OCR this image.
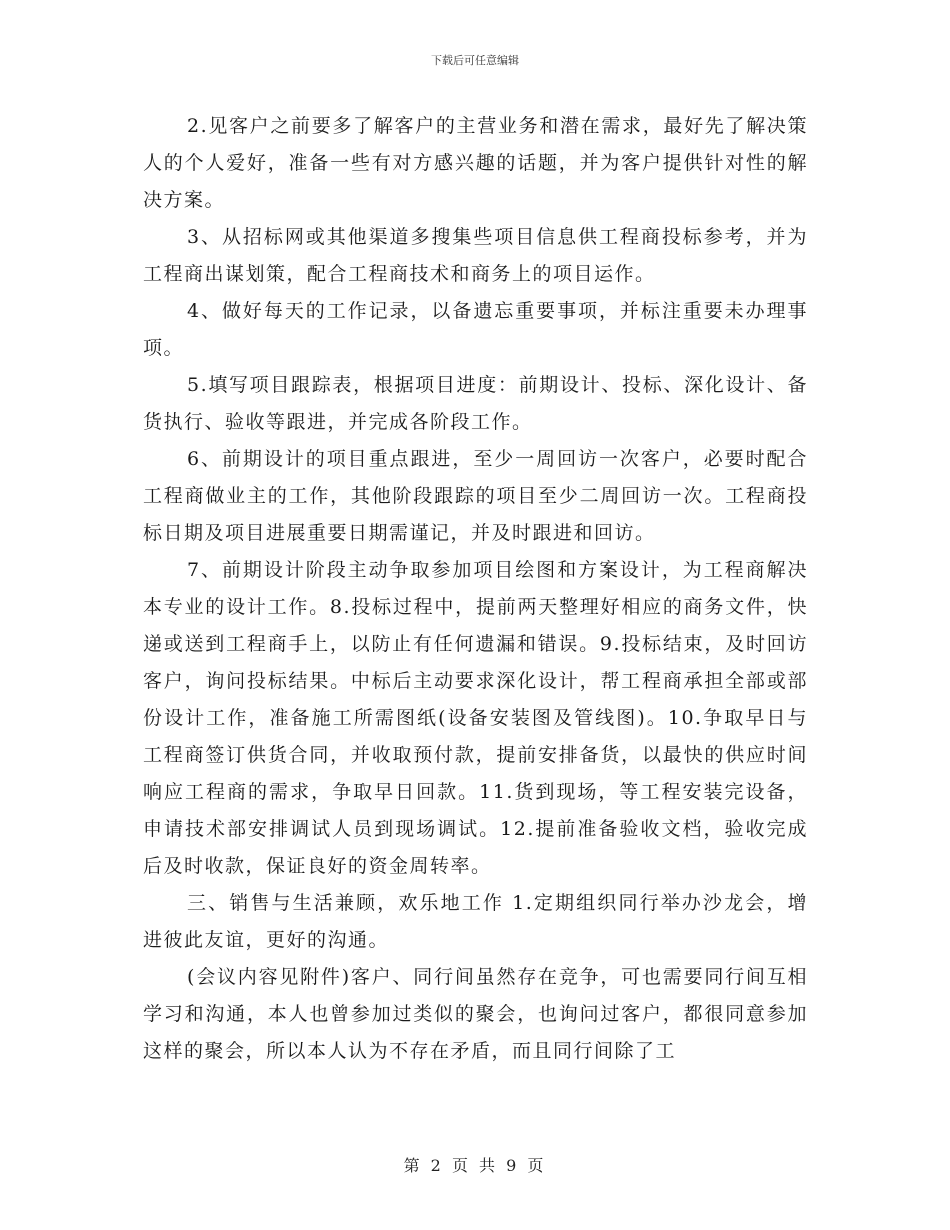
下载后可任意编辑

2.见客户之前要多了解客户的主营业务和潜在需求，最好先了解决策人的个人爱好，准备一些有对方感兴趣的话题，并为客户提供针对性的解决方案。

3、从招标网或其他渠道多搜集些项目信息供工程商投标参考，并为工程商出谋划策，配合工程商技术和商务上的项目运作。

4、做好每天的工作记录，以备遗忘重要事项，并标注重要未办理事项。

5.填写项目跟踪表，根据项目进度：前期设计、投标、深化设计、备货执行、验收等跟进，并完成各阶段工作。

6、前期设计的项目重点跟进，至少一周回访一次客户，必要时配合工程商做业主的工作，其他阶段跟踪的项目至少二周回访一次。工程商投标日期及项目进展重要日期需谨记，并及时跟进和回访。

7、前期设计阶段主动争取参加项目绘图和方案设计，为工程商解决本专业的设计工作。8.投标过程中，提前两天整理好相应的商务文件，快递或送到工程商手上，以防止有任何遗漏和错误。9.投标结束，及时回访客户，询问投标结果。中标后主动要求深化设计，帮工程商承担全部或部份设计工作，准备施工所需图纸(设备安装图及管线图)。10.争取早日与工程商签订供货合同，并收取预付款，提前安排备货，以最快的供应时间响应工程商的需求，争取早日回款。11.货到现场，等工程安装完设备，申请技术部安排调试人员到现场调试。12.提前准备验收文档，验收完成后及时收款，保证良好的资金周转率。

三、销售与生活兼顾，欢乐地工作 1.定期组织同行举办沙龙会，增进彼此友谊，更好的沟通。

(会议内容见附件)客户、同行间虽然存在竞争，可也需要同行间互相学习和沟通，本人也曾参加过类似的聚会，也询问过客户，都很同意参加这样的聚会，所以本人认为不存在矛盾，而且同行间除了工

第 2 页 共 9 页
